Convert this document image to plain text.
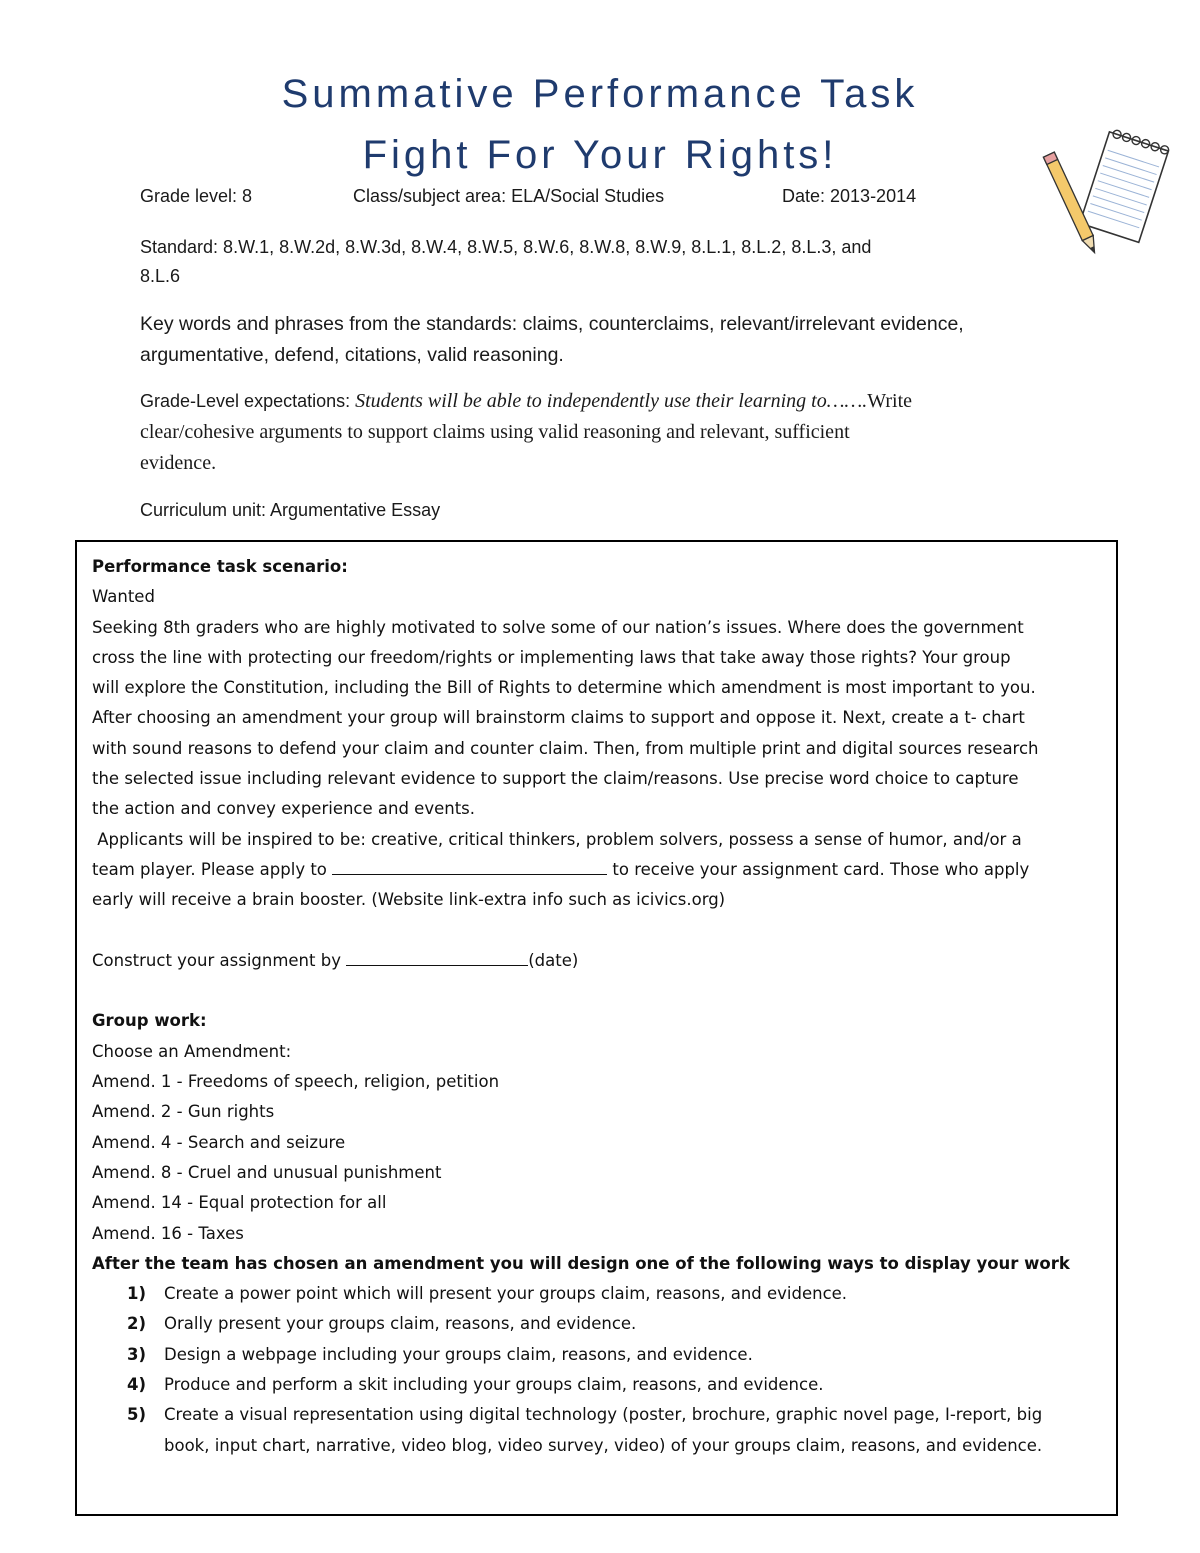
Summative Performance Task
Fight For Your Rights!
Grade level: 8	Class/subject area: ELA/Social Studies	Date: 2013-2014
Standard: 8.W.1, 8.W.2d, 8.W.3d, 8.W.4, 8.W.5, 8.W.6, 8.W.8, 8.W.9, 8.L.1, 8.L.2, 8.L.3, and
8.L.6
Key words and phrases from the standards: claims, counterclaims, relevant/irrelevant evidence,
argumentative, defend, citations, valid reasoning.
Grade-Level expectations: Students will be able to independently use their learning to…….Write
clear/cohesive arguments to support claims using valid reasoning and relevant, sufficient
evidence.
Curriculum unit: Argumentative Essay

Performance task scenario:

Wanted

Seeking 8th graders who are highly motivated to solve some of our nation’s issues. Where does the government

cross the line with protecting our freedom/rights or implementing laws that take away those rights? Your group

will explore the Constitution, including the Bill of Rights to determine which amendment is most important to you.

After choosing an amendment your group will brainstorm claims to support and oppose it. Next, create a t- chart

with sound reasons to defend your claim and counter claim. Then, from multiple print and digital sources research

the selected issue including relevant evidence to support the claim/reasons. Use precise word choice to capture

the action and convey experience and events.

Applicants will be inspired to be: creative, critical thinkers, problem solvers, possess a sense of humor, and/or a

team player. Please apply to	to receive your assignment card. Those who apply

early will receive a brain booster. (Website link-extra info such as icivics.org)

Construct your assignment by	(date)

Group work:

Choose an Amendment:

Amend. 1 - Freedoms of speech, religion, petition

Amend. 2 - Gun rights

Amend. 4 - Search and seizure

Amend. 8 - Cruel and unusual punishment

Amend. 14 - Equal protection for all

Amend. 16 - Taxes

After the team has chosen an amendment you will design one of the following ways to display your work

1) Create a power point which will present your groups claim, reasons, and evidence.
2) Orally present your groups claim, reasons, and evidence.
3) Design a webpage including your groups claim, reasons, and evidence.
4) Produce and perform a skit including your groups claim, reasons, and evidence.
5) Create a visual representation using digital technology (poster, brochure, graphic novel page, I-report, big
book, input chart, narrative, video blog, video survey, video) of your groups claim, reasons, and evidence.
